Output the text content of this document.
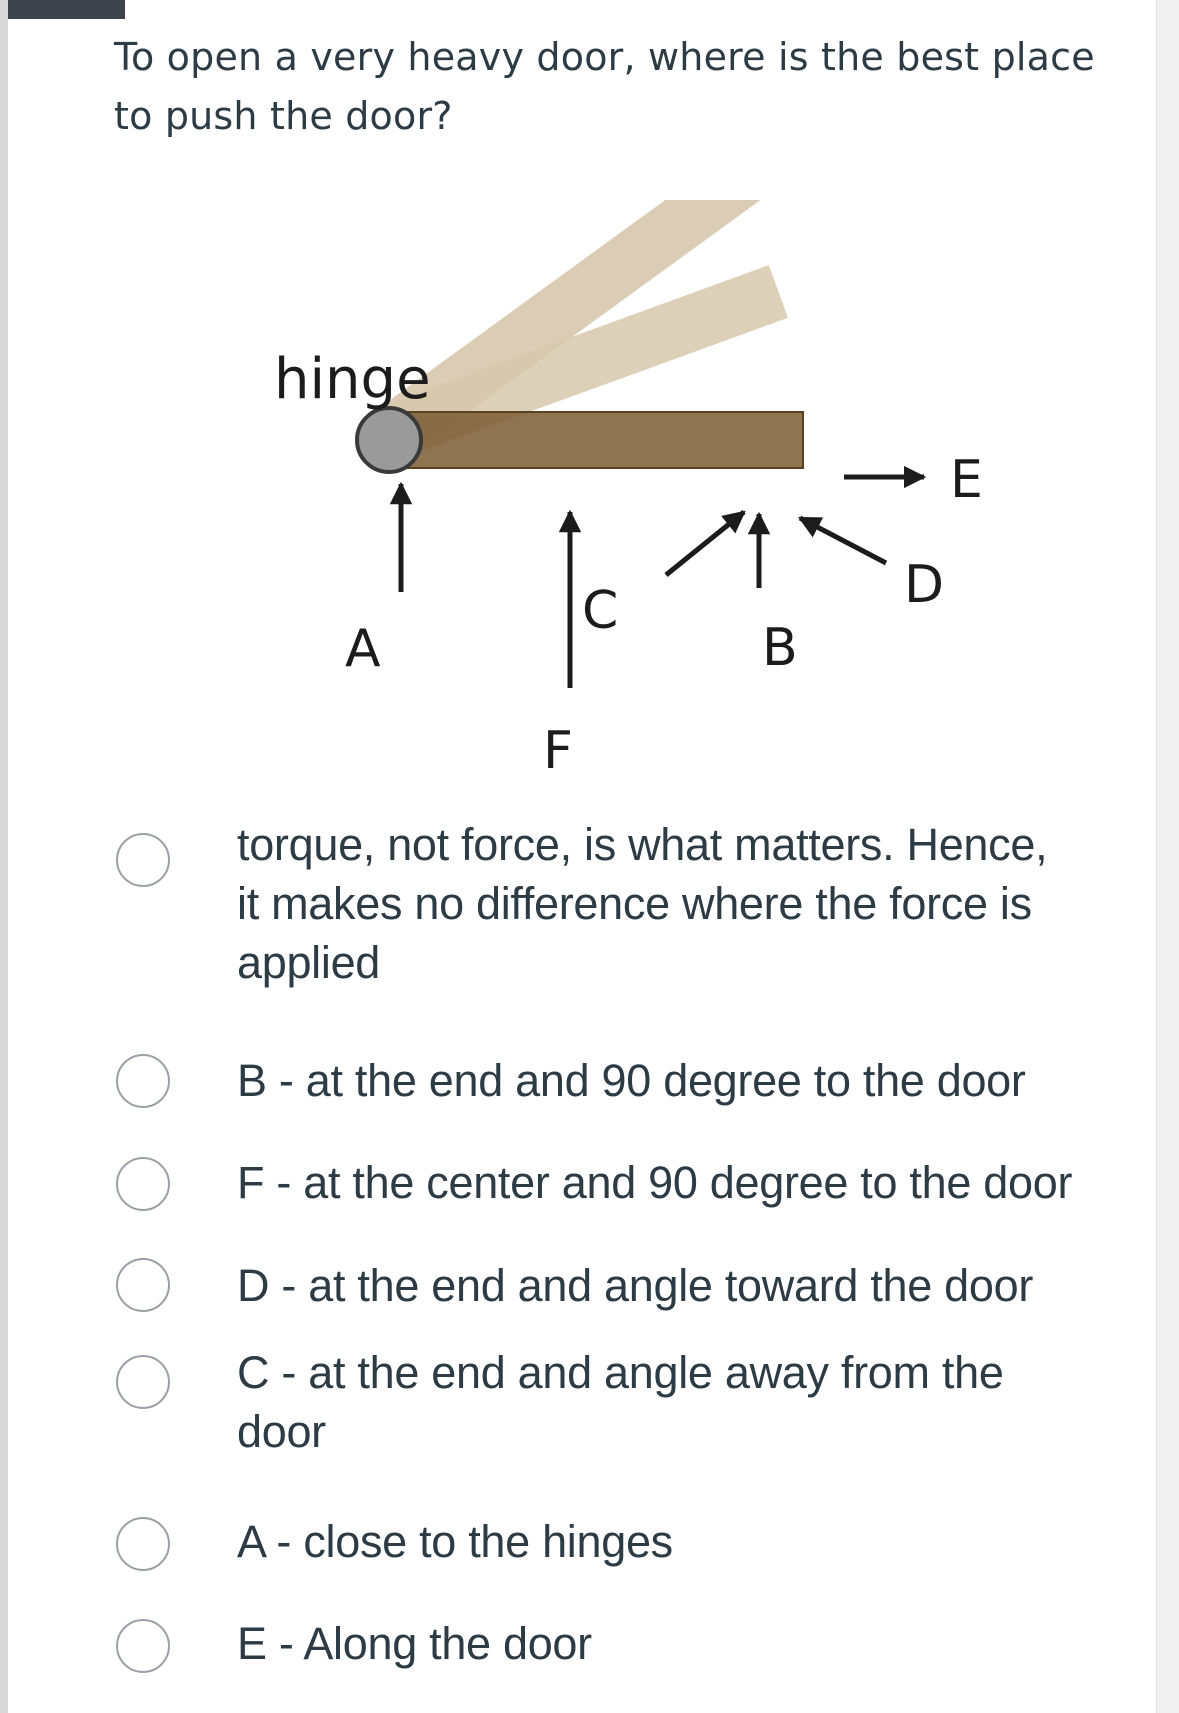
To open a very heavy door, where is the best place
to push the door?
hinge
A
F
C
B
D
E
torque, not force, is what matters. Hence,
it makes no difference where the force is
applied
B - at the end and 90 degree to the door
F - at the center and 90 degree to the door
D - at the end and angle toward the door
C - at the end and angle away from the
door
A - close to the hinges
E - Along the door
